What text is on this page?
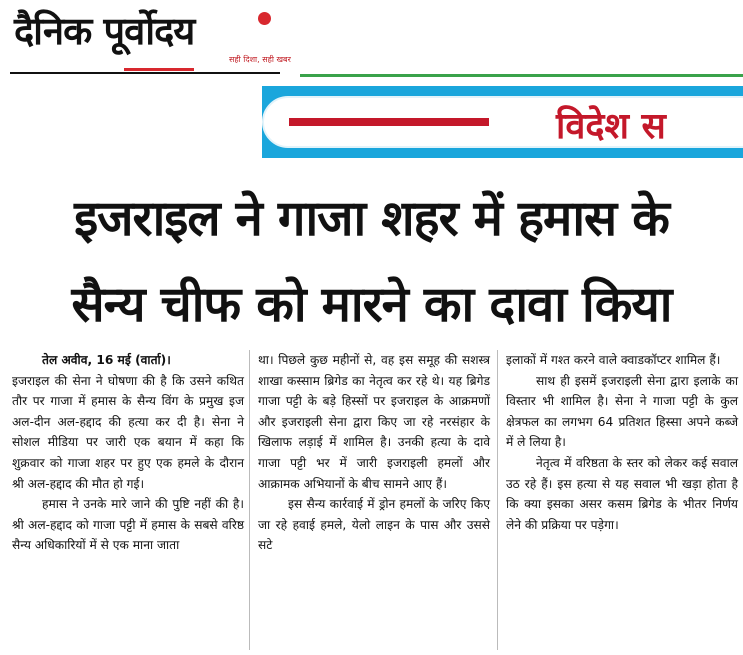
दैनिक पूर्वोदय
सही दिशा, सही खबर
विदेश स
इजराइल ने गाजा शहर में हमास के
सैन्य चीफ को मारने का दावा किया

तेल अवीव, 16 मई (वार्ता)।

इजराइल की सेना ने घोषणा की है कि उसने कथित तौर पर गाजा में हमास के सैन्य विंग के प्रमुख इज अल-दीन अल-हद्दाद की हत्या कर दी है। सेना ने सोशल मीडिया पर जारी एक बयान में कहा कि शुक्रवार को गाजा शहर पर हुए एक हमले के दौरान श्री अल-हद्दाद की मौत हो गई।

हमास ने उनके मारे जाने की पुष्टि नहीं की है। श्री अल-हद्दाद को गाजा पट्टी में हमास के सबसे वरिष्ठ सैन्य अधिकारियों में से एक माना जाता

था। पिछले कुछ महीनों से, वह इस समूह की सशस्त्र शाखा कस्साम ब्रिगेड का नेतृत्व कर रहे थे। यह ब्रिगेड गाजा पट्टी के बड़े हिस्सों पर इजराइल के आक्रमणों और इजराइली सेना द्वारा किए जा रहे नरसंहार के खिलाफ लड़ाई में शामिल है। उनकी हत्या के दावे गाजा पट्टी भर में जारी इजराइली हमलों और आक्रामक अभियानों के बीच सामने आए हैं।

इस सैन्य कार्रवाई में ड्रोन हमलों के जरिए किए जा रहे हवाई हमले, येलो लाइन के पास और उससे सटे

इलाकों में गश्त करने वाले क्वाडकॉप्टर शामिल हैं।

साथ ही इसमें इजराइली सेना द्वारा इलाके का विस्तार भी शामिल है। सेना ने गाजा पट्टी के कुल क्षेत्रफल का लगभग 64 प्रतिशत हिस्सा अपने कब्जे में ले लिया है।

नेतृत्व में वरिष्ठता के स्तर को लेकर कई सवाल उठ रहे हैं। इस हत्या से यह सवाल भी खड़ा होता है कि क्या इसका असर कसम ब्रिगेड के भीतर निर्णय लेने की प्रक्रिया पर पड़ेगा।
